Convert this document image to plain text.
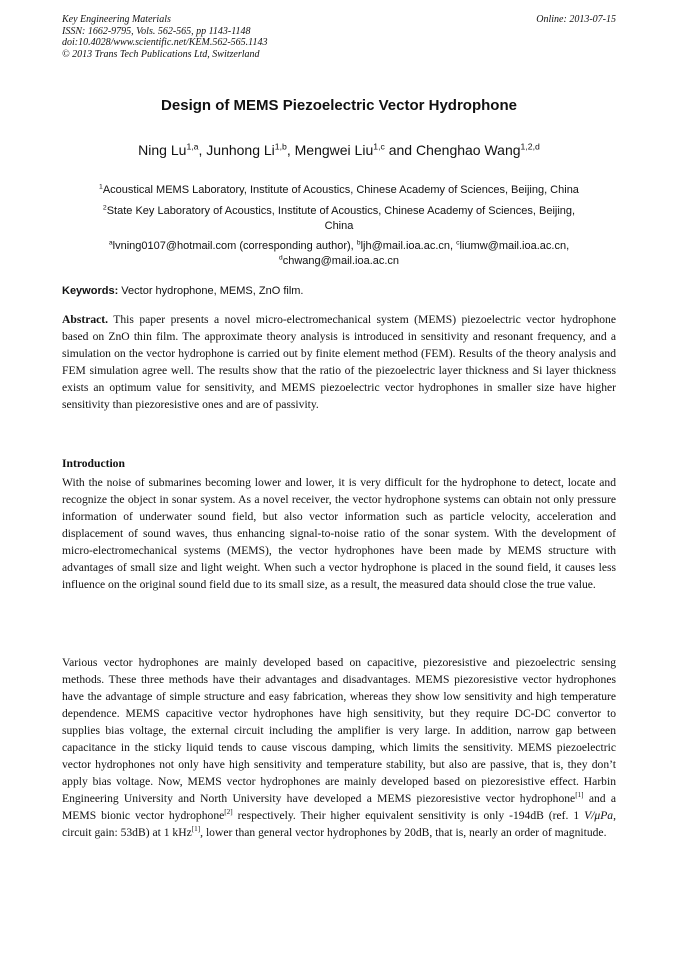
Key Engineering Materials
ISSN: 1662-9795, Vols. 562-565, pp 1143-1148
doi:10.4028/www.scientific.net/KEM.562-565.1143
© 2013 Trans Tech Publications Ltd, Switzerland
Online: 2013-07-15
Design of MEMS Piezoelectric Vector Hydrophone
Ning Lu$^{1,a}$, Junhong Li$^{1,b}$, Mengwei Liu$^{1,c}$ and Chenghao Wang$^{1,2,d}$
$^1$Acoustical MEMS Laboratory, Institute of Acoustics, Chinese Academy of Sciences, Beijing, China
$^2$State Key Laboratory of Acoustics, Institute of Acoustics, Chinese Academy of Sciences, Beijing, China
$^a$lvning0107@hotmail.com (corresponding author), $^b$ljh@mail.ioa.ac.cn, $^c$liumw@mail.ioa.ac.cn, $^d$chwang@mail.ioa.ac.cn
Keywords: Vector hydrophone, MEMS, ZnO film.

Abstract. This paper presents a novel micro-electromechanical system (MEMS) piezoelectric vector hydrophone based on ZnO thin film. The approximate theory analysis is introduced in sensitivity and resonant frequency, and a simulation on the vector hydrophone is carried out by finite element method (FEM). Results of the theory analysis and FEM simulation agree well. The results show that the ratio of the piezoelectric layer thickness and Si layer thickness exists an optimum value for sensitivity, and MEMS piezoelectric vector hydrophones in smaller size have higher sensitivity than piezoresistive ones and are of passivity.

Introduction

With the noise of submarines becoming lower and lower, it is very difficult for the hydrophone to detect, locate and recognize the object in sonar system. As a novel receiver, the vector hydrophone systems can obtain not only pressure information of underwater sound field, but also vector information such as particle velocity, acceleration and displacement of sound waves, thus enhancing signal-to-noise ratio of the sonar system. With the development of micro-electromechanical systems (MEMS), the vector hydrophones have been made by MEMS structure with advantages of small size and light weight. When such a vector hydrophone is placed in the sound field, it causes less influence on the original sound field due to its small size, as a result, the measured data should close the true value.

Various vector hydrophones are mainly developed based on capacitive, piezoresistive and piezoelectric sensing methods. These three methods have their advantages and disadvantages. MEMS piezoresistive vector hydrophones have the advantage of simple structure and easy fabrication, whereas they show low sensitivity and high temperature dependence. MEMS capacitive vector hydrophones have high sensitivity, but they require DC-DC convertor to supplies bias voltage, the external circuit including the amplifier is very large. In addition, narrow gap between capacitance in the sticky liquid tends to cause viscous damping, which limits the sensitivity. MEMS piezoelectric vector hydrophones not only have high sensitivity and temperature stability, but also are passive, that is, they don’t apply bias voltage. Now, MEMS vector hydrophones are mainly developed based on piezoresistive effect. Harbin Engineering University and North University have developed a MEMS piezoresistive vector hydrophone[1] and a MEMS bionic vector hydrophone[2] respectively. Their higher equivalent sensitivity is only -194dB (ref. 1 V/μPa, circuit gain: 53dB) at 1 kHz[1], lower than general vector hydrophones by 20dB, that is, nearly an order of magnitude.
